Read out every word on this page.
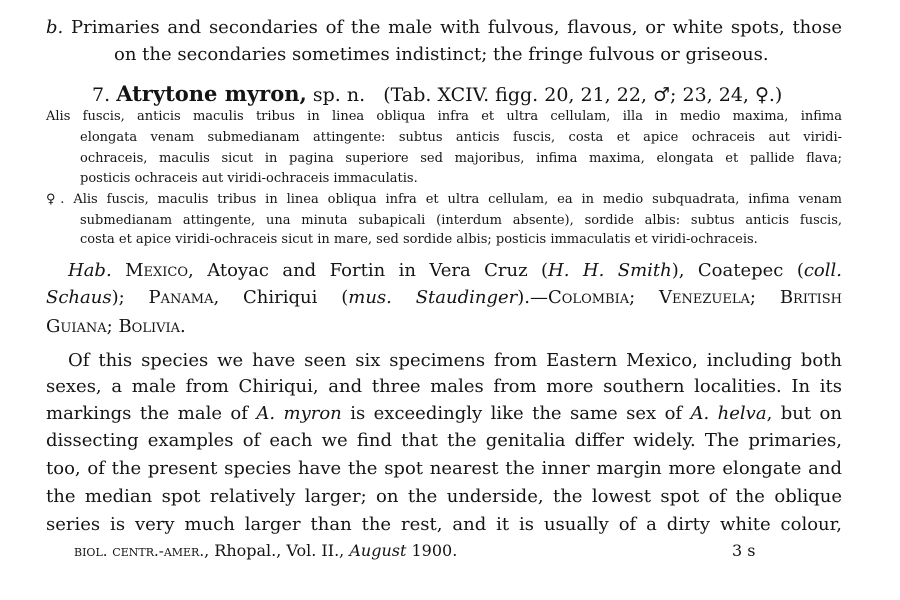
b. Primaries and secondaries of the male with fulvous, flavous, or white spots, those
on the secondaries sometimes indistinct; the fringe fulvous or griseous.
7. Atrytone myron, sp. n. (Tab. XCIV. figg. 20, 21, 22, ♂; 23, 24, ♀.)
Alis fuscis, anticis maculis tribus in linea obliqua infra et ultra cellulam, illa in medio maxima, infima
elongata venam submedianam attingente: subtus anticis fuscis, costa et apice ochraceis aut viridi-
ochraceis, maculis sicut in pagina superiore sed majoribus, infima maxima, elongata et pallide flava;
posticis ochraceis aut viridi-ochraceis immaculatis.
♀. Alis fuscis, maculis tribus in linea obliqua infra et ultra cellulam, ea in medio subquadrata, infima venam
submedianam attingente, una minuta subapicali (interdum absente), sordide albis: subtus anticis fuscis,
costa et apice viridi-ochraceis sicut in mare, sed sordide albis; posticis immaculatis et viridi-ochraceis.
Hab. Mexico, Atoyac and Fortin in Vera Cruz (H. H. Smith), Coatepec (coll.
Schaus); Panama, Chiriqui (mus. Staudinger).—Colombia; Venezuela; British
Guiana; Bolivia.
Of this species we have seen six specimens from Eastern Mexico, including both
sexes, a male from Chiriqui, and three males from more southern localities. In its
markings the male of A. myron is exceedingly like the same sex of A. helva, but on
dissecting examples of each we find that the genitalia differ widely. The primaries,
too, of the present species have the spot nearest the inner margin more elongate and
the median spot relatively larger; on the underside, the lowest spot of the oblique
series is very much larger than the rest, and it is usually of a dirty white colour,
biol. centr.-amer., Rhopal., Vol. II., August 1900.	3 s
